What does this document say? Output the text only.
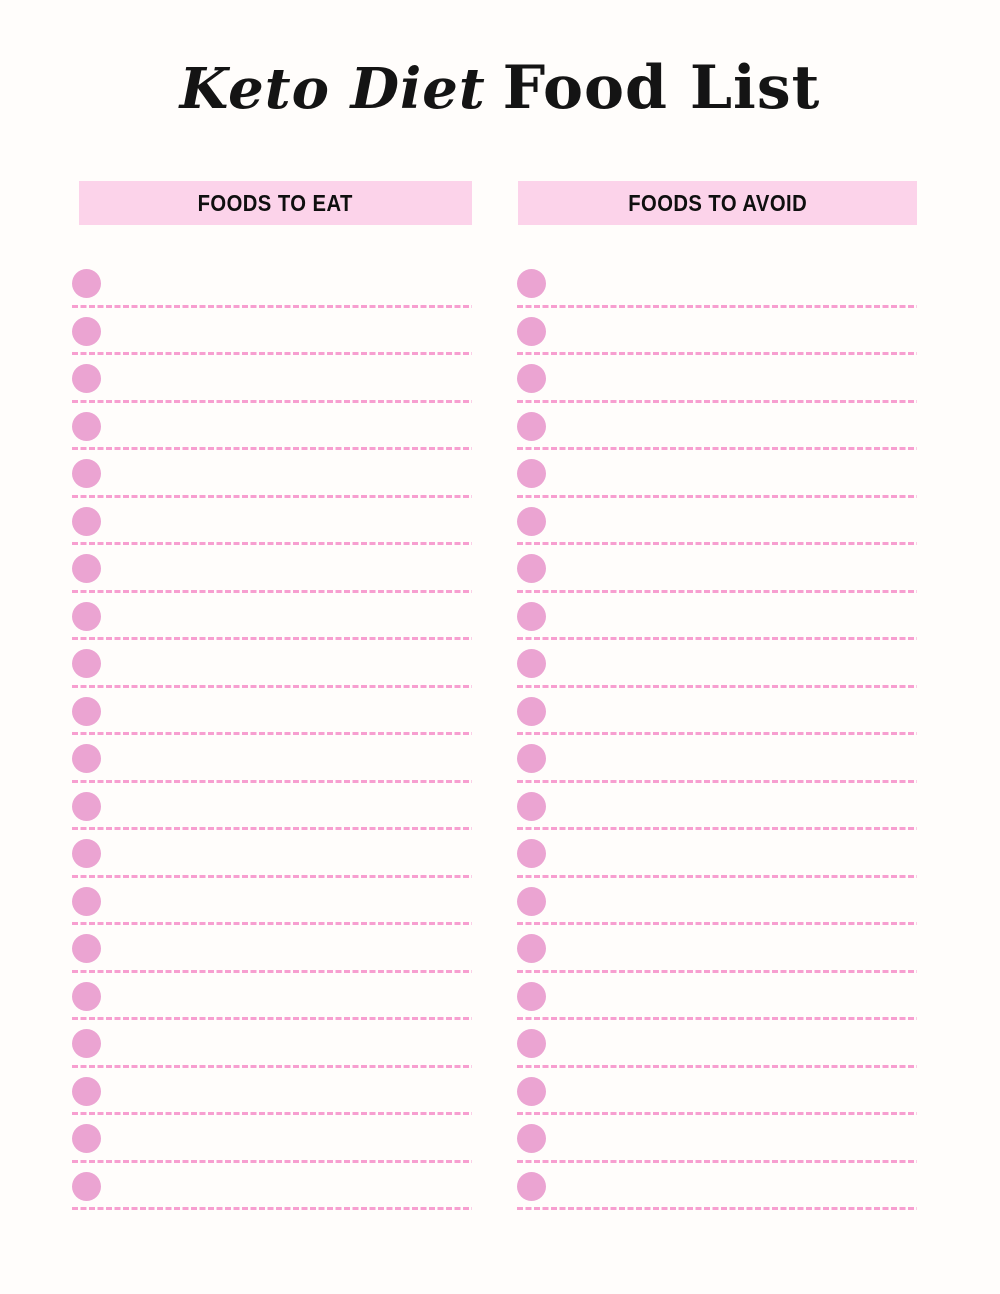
Keto Diet Food List
FOODS TO EAT	FOODS TO AVOID
